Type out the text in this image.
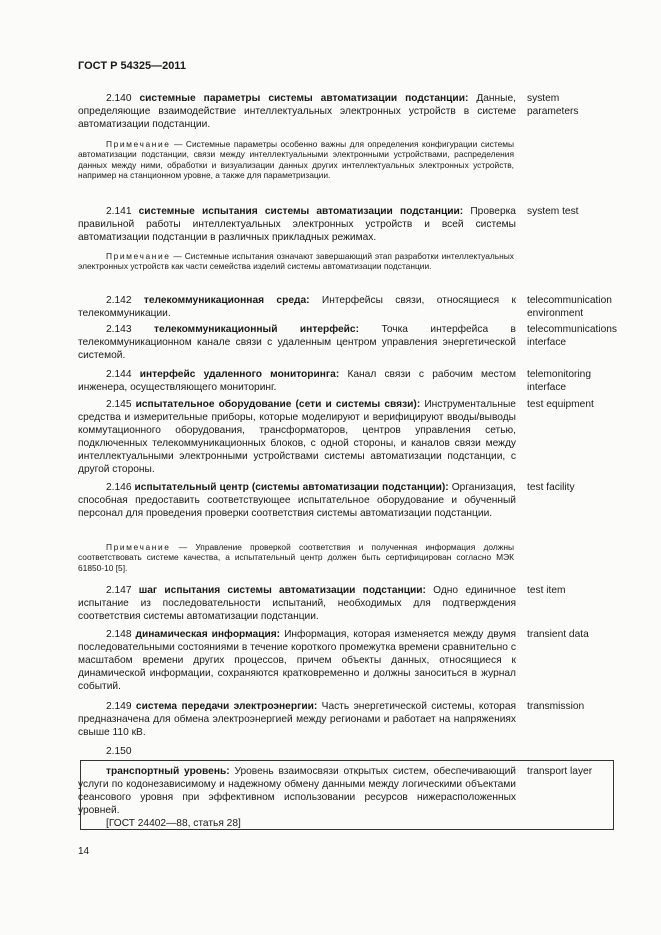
ГОСТ Р 54325—2011
2.140 системные параметры системы автоматизации подстанции: Данные, определяющие взаимодействие интеллектуальных электронных устройств в системе автоматизации подстанции.
system parameters
Примечание — Системные параметры особенно важны для определения конфигурации системы автоматизации подстанции, связи между интеллектуальными электронными устройствами, распределения данных между ними, обработки и визуализации данных других интеллектуальных электронных устройств, например на станционном уровне, а также для параметризации.
2.141 системные испытания системы автоматизации подстанции: Проверка правильной работы интеллектуальных электронных устройств и всей системы автоматизации подстанции в различных прикладных режимах.
system test
Примечание — Системные испытания означают завершающий этап разработки интеллектуальных электронных устройств как части семейства изделий системы автоматизации подстанции.
2.142 телекоммуникационная среда: Интерфейсы связи, относящиеся к телекоммуникации.
telecommunication environment
2.143 телекоммуникационный интерфейс: Точка интерфейса в телекоммуникационном канале связи с удаленным центром управления энергетической системой.
telecommunications interface
2.144 интерфейс удаленного мониторинга: Канал связи с рабочим местом инженера, осуществляющего мониторинг.
telemonitoring interface
2.145 испытательное оборудование (сети и системы связи): Инструментальные средства и измерительные приборы, которые моделируют и верифицируют вводы/выводы коммутационного оборудования, трансформаторов, центров управления сетью, подключенных телекоммуникационных блоков, с одной стороны, и каналов связи между интеллектуальными электронными устройствами системы автоматизации подстанции, с другой стороны.
test equipment
2.146 испытательный центр (системы автоматизации подстанции): Организация, способная предоставить соответствующее испытательное оборудование и обученный персонал для проведения проверки соответствия системы автоматизации подстанции.
test facility
Примечание — Управление проверкой соответствия и полученная информация должны соответствовать системе качества, а испытательный центр должен быть сертифицирован согласно МЭК 61850-10 [5].
2.147 шаг испытания системы автоматизации подстанции: Одно единичное испытание из последовательности испытаний, необходимых для подтверждения соответствия системы автоматизации подстанции.
test item
2.148 динамическая информация: Информация, которая изменяется между двумя последовательными состояниями в течение короткого промежутка времени сравнительно с масштабом времени других процессов, причем объекты данных, относящиеся к динамической информации, сохраняются кратковременно и должны заноситься в журнал событий.
transient data
2.149 система передачи электроэнергии: Часть энергетической системы, которая предназначена для обмена электроэнергией между регионами и работает на напряжениях свыше 110 кВ.
transmission
2.150
транспортный уровень: Уровень взаимосвязи открытых систем, обеспечивающий услуги по кодонезависимому и надежному обмену данными между логическими объектами сеансового уровня при эффективном использовании ресурсов нижерасположенных уровней.
[ГОСТ 24402—88, статья 28]
transport layer
14
